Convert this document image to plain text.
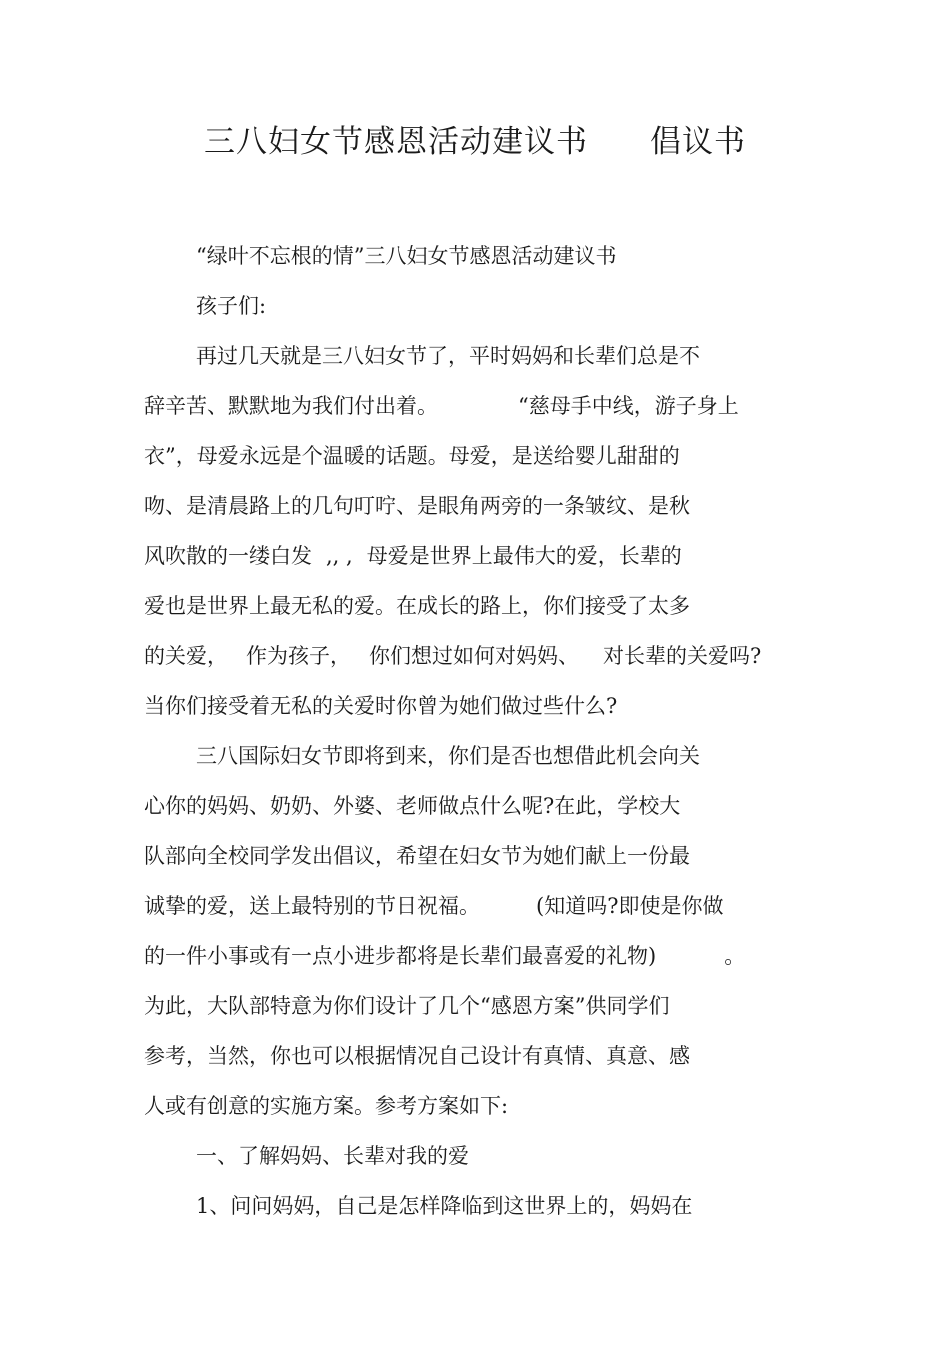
三八妇女节感恩活动建议书 倡议书
“绿叶不忘根的情”三八妇女节感恩活动建议书
孩子们:
再过几天就是三八妇女节了，平时妈妈和长辈们总是不
辞辛苦、默默地为我们付出着。	“慈母手中线，游子身上
衣”，母爱永远是个温暖的话题。母爱，是送给婴儿甜甜的
吻、是清晨路上的几句叮咛、是眼角两旁的一条皱纹、是秋
风吹散的一缕白发 ,, , 母爱是世界上最伟大的爱，长辈的
爱也是世界上最无私的爱。在成长的路上，你们接受了太多
的关爱， 作为孩子， 你们想过如何对妈妈、 对长辈的关爱吗?
当你们接受着无私的关爱时你曾为她们做过些什么?
三八国际妇女节即将到来，你们是否也想借此机会向关
心你的妈妈、奶奶、外婆、老师做点什么呢?在此，学校大
队部向全校同学发出倡议，希望在妇女节为她们献上一份最
诚挚的爱，送上最特别的节日祝福。	(知道吗?即使是你做
的一件小事或有一点小进步都将是长辈们最喜爱的礼物)	。
为此，大队部特意为你们设计了几个“感恩方案”供同学们
参考，当然，你也可以根据情况自己设计有真情、真意、感
人或有创意的实施方案。参考方案如下:
一、了解妈妈、长辈对我的爱
1、问问妈妈，自己是怎样降临到这世界上的，妈妈在
